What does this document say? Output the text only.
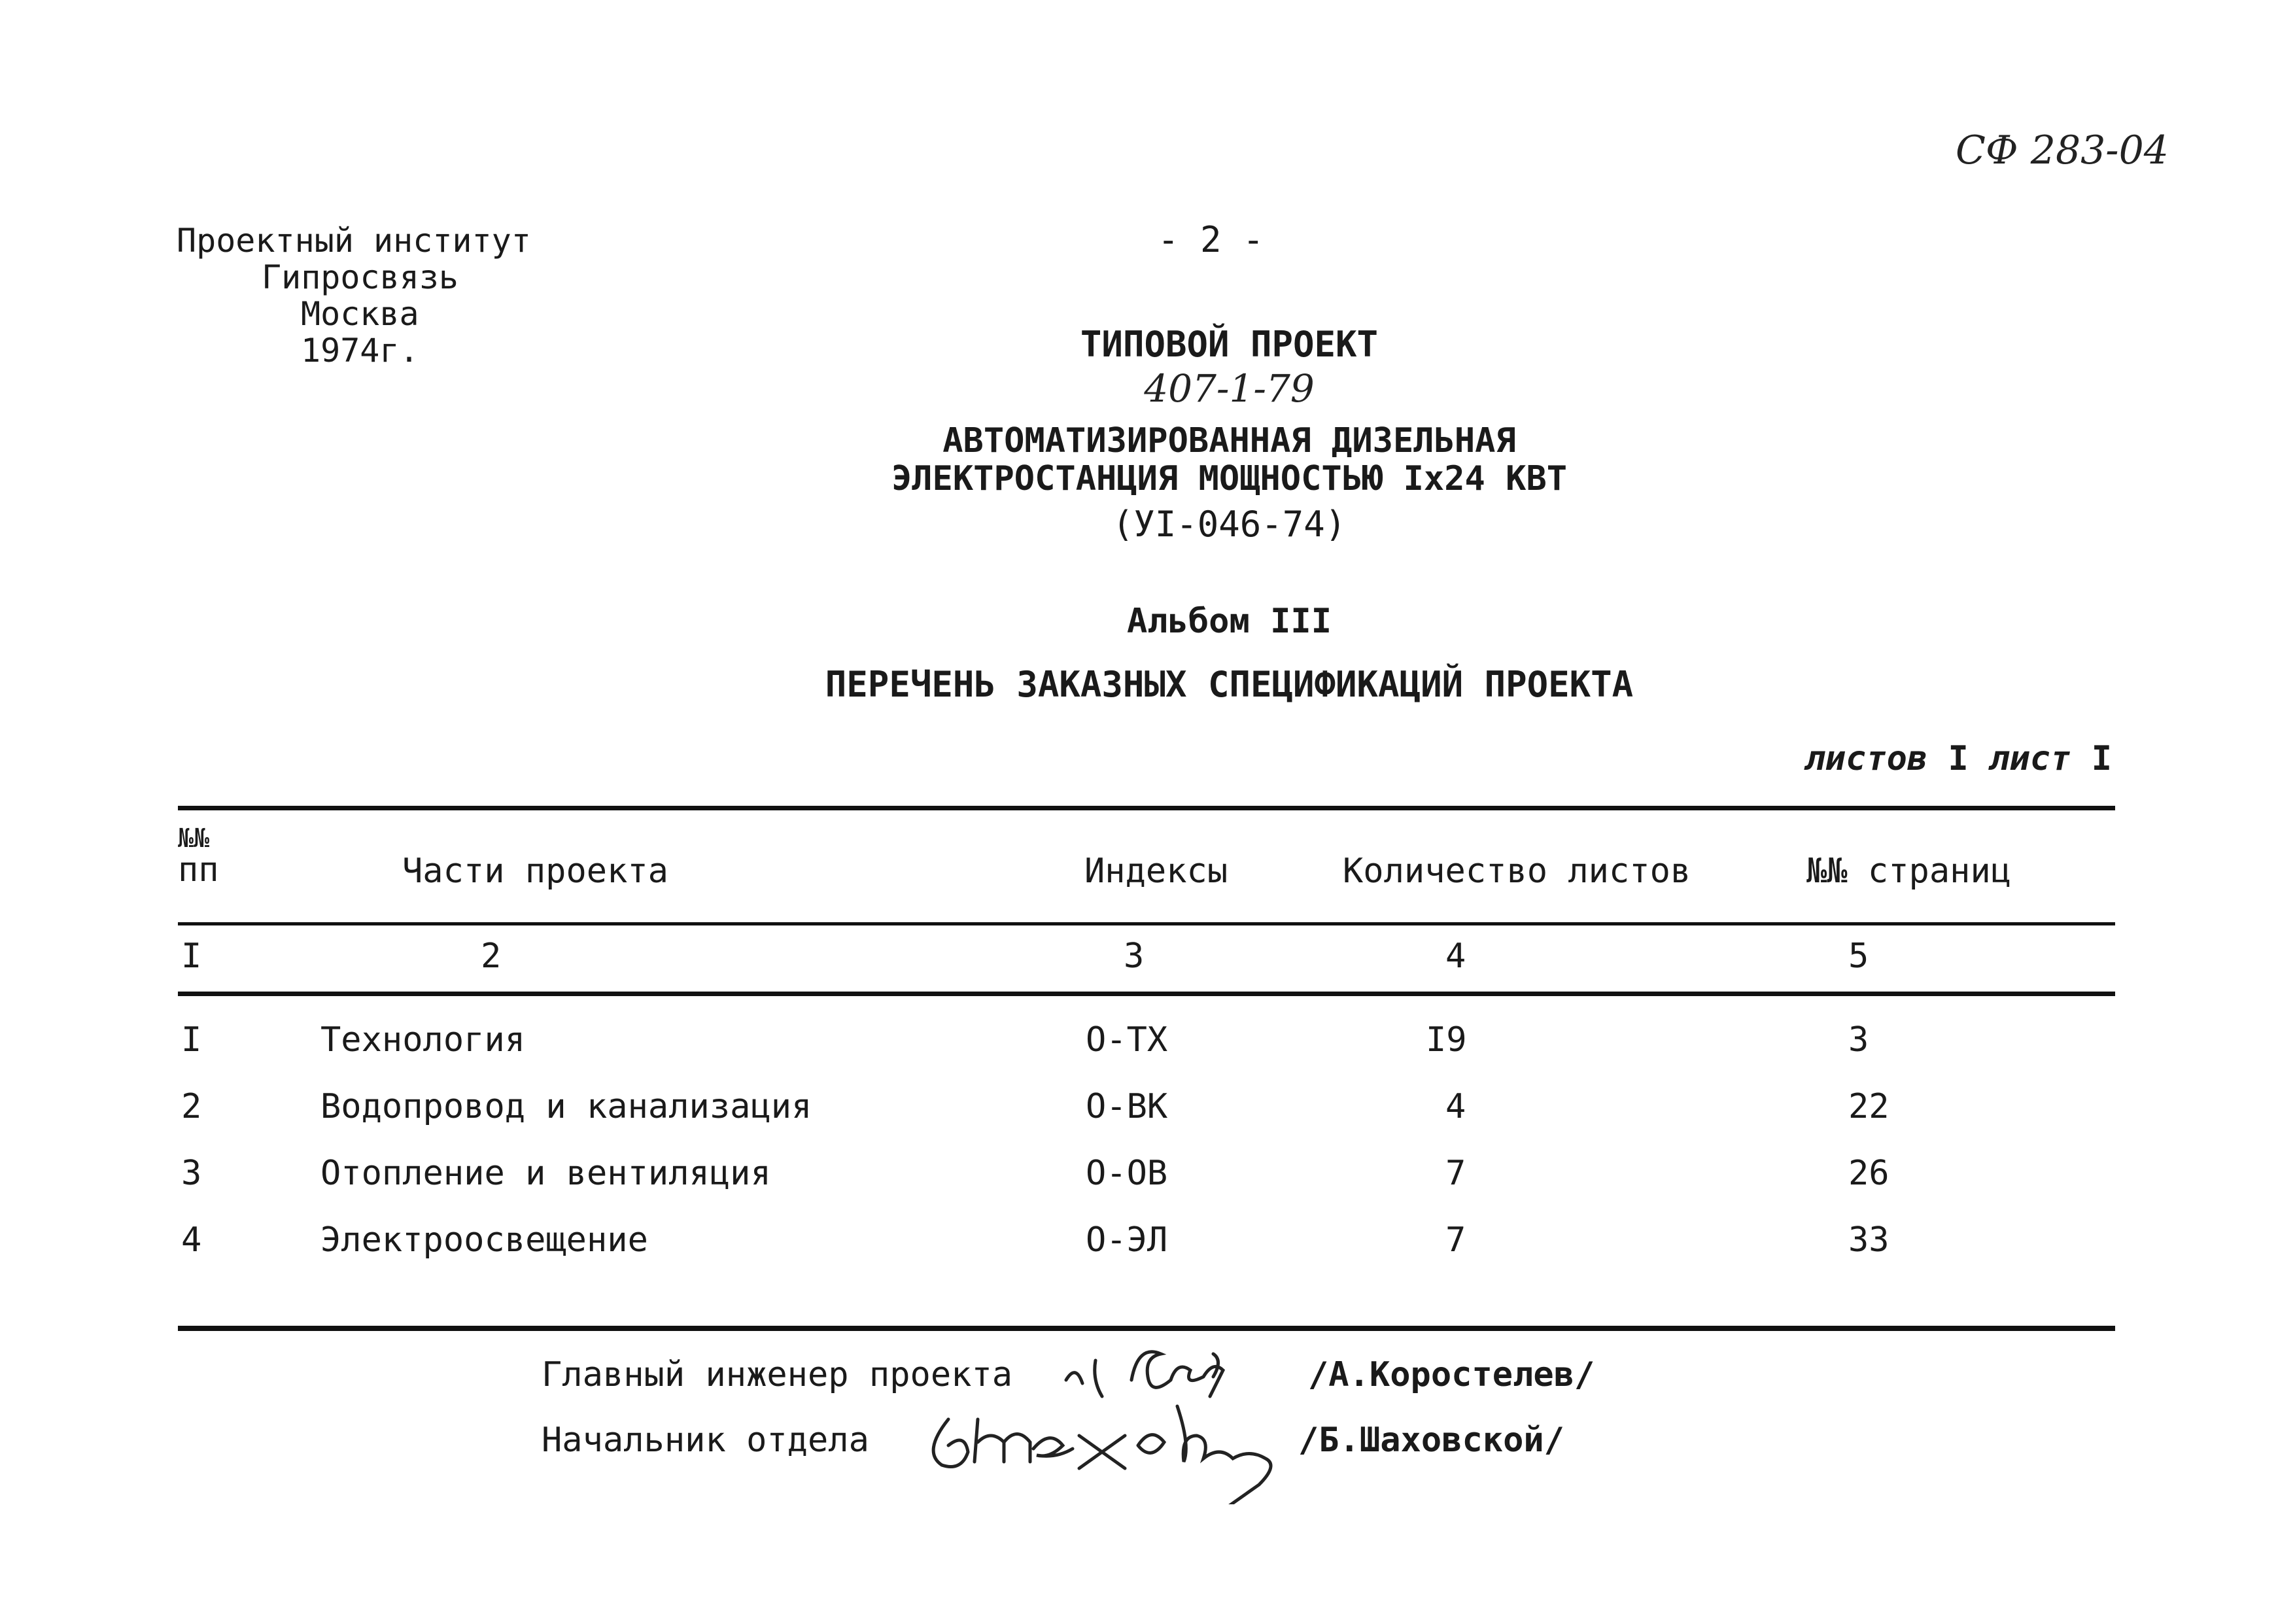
Проектный институт
Гипросвязь
Москва
1974г.
СФ 283-04
- 2 -
ТИПОВОЙ ПРОЕКТ
407-1-79
АВТОМАТИЗИРОВАННАЯ ДИЗЕЛЬНАЯ
ЭЛЕКТРОСТАНЦИЯ МОЩНОСТЬЮ Iх24 КВТ
(УI-046-74)
Альбом III
ПЕРЕЧЕНЬ ЗАКАЗНЫХ СПЕЦИФИКАЦИЙ ПРОЕКТА
листов I лист I
№№
пп	Части проекта	Индексы	Количество листов	№№ страниц
I	2	3	4	5
I	Технология	О-ТХ	I9	3
2	Водопровод и канализация	О-ВК	4	22
3	Отопление и вентиляция	О-ОВ	7	26
4	Электроосвещение	О-ЭЛ	7	33
Главный инженер проекта	/А.Коростелев/
Начальник отдела	/Б.Шаховской/
